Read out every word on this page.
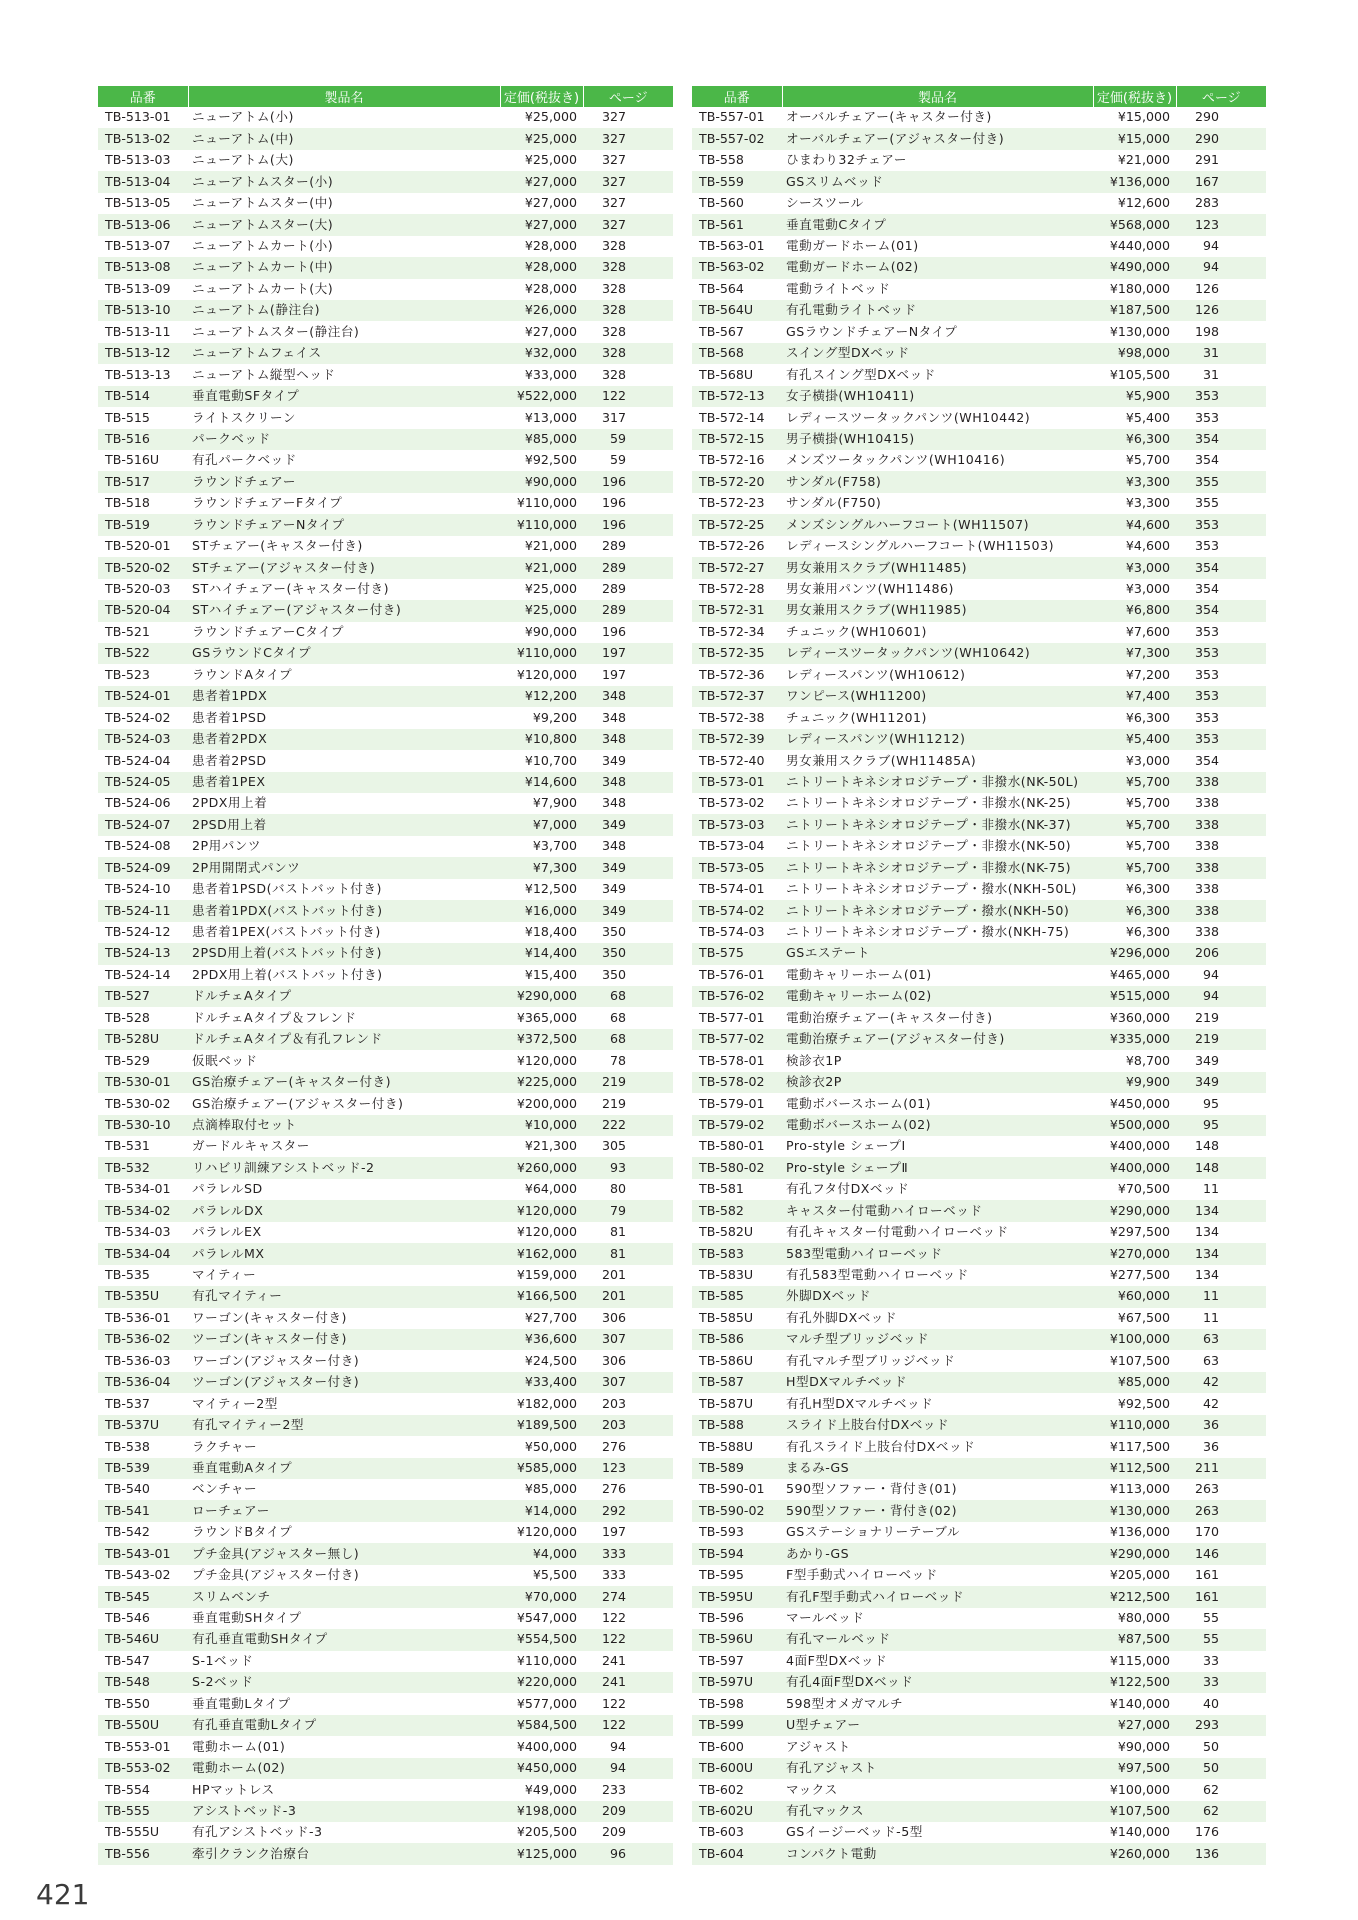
品番	製品名	定価(税抜き)	ページ
TB-513-01	ニューアトム(小)	¥25,000	327
TB-513-02	ニューアトム(中)	¥25,000	327
TB-513-03	ニューアトム(大)	¥25,000	327
TB-513-04	ニューアトムスター(小)	¥27,000	327
TB-513-05	ニューアトムスター(中)	¥27,000	327
TB-513-06	ニューアトムスター(大)	¥27,000	327
TB-513-07	ニューアトムカート(小)	¥28,000	328
TB-513-08	ニューアトムカート(中)	¥28,000	328
TB-513-09	ニューアトムカート(大)	¥28,000	328
TB-513-10	ニューアトム(静注台)	¥26,000	328
TB-513-11	ニューアトムスター(静注台)	¥27,000	328
TB-513-12	ニューアトムフェイス	¥32,000	328
TB-513-13	ニューアトム縦型ヘッド	¥33,000	328
TB-514	垂直電動SFタイプ	¥522,000	122
TB-515	ライトスクリーン	¥13,000	317
TB-516	パークベッド	¥85,000	59
TB-516U	有孔パークベッド	¥92,500	59
TB-517	ラウンドチェアー	¥90,000	196
TB-518	ラウンドチェアーFタイプ	¥110,000	196
TB-519	ラウンドチェアーNタイプ	¥110,000	196
TB-520-01	STチェアー(キャスター付き)	¥21,000	289
TB-520-02	STチェアー(アジャスター付き)	¥21,000	289
TB-520-03	STハイチェアー(キャスター付き)	¥25,000	289
TB-520-04	STハイチェアー(アジャスター付き)	¥25,000	289
TB-521	ラウンドチェアーCタイプ	¥90,000	196
TB-522	GSラウンドCタイプ	¥110,000	197
TB-523	ラウンドAタイプ	¥120,000	197
TB-524-01	患者着1PDX	¥12,200	348
TB-524-02	患者着1PSD	¥9,200	348
TB-524-03	患者着2PDX	¥10,800	348
TB-524-04	患者着2PSD	¥10,700	349
TB-524-05	患者着1PEX	¥14,600	348
TB-524-06	2PDX用上着	¥7,900	348
TB-524-07	2PSD用上着	¥7,000	349
TB-524-08	2P用パンツ	¥3,700	348
TB-524-09	2P用開閉式パンツ	¥7,300	349
TB-524-10	患者着1PSD(バストバット付き)	¥12,500	349
TB-524-11	患者着1PDX(バストバット付き)	¥16,000	349
TB-524-12	患者着1PEX(バストバット付き)	¥18,400	350
TB-524-13	2PSD用上着(バストバット付き)	¥14,400	350
TB-524-14	2PDX用上着(バストバット付き)	¥15,400	350
TB-527	ドルチェAタイプ	¥290,000	68
TB-528	ドルチェAタイプ＆フレンド	¥365,000	68
TB-528U	ドルチェAタイプ＆有孔フレンド	¥372,500	68
TB-529	仮眠ベッド	¥120,000	78
TB-530-01	GS治療チェアー(キャスター付き)	¥225,000	219
TB-530-02	GS治療チェアー(アジャスター付き)	¥200,000	219
TB-530-10	点滴棒取付セット	¥10,000	222
TB-531	ガードルキャスター	¥21,300	305
TB-532	リハビリ訓練アシストベッド-2	¥260,000	93
TB-534-01	パラレルSD	¥64,000	80
TB-534-02	パラレルDX	¥120,000	79
TB-534-03	パラレルEX	¥120,000	81
TB-534-04	パラレルMX	¥162,000	81
TB-535	マイティー	¥159,000	201
TB-535U	有孔マイティー	¥166,500	201
TB-536-01	ワーゴン(キャスター付き)	¥27,700	306
TB-536-02	ツーゴン(キャスター付き)	¥36,600	307
TB-536-03	ワーゴン(アジャスター付き)	¥24,500	306
TB-536-04	ツーゴン(アジャスター付き)	¥33,400	307
TB-537	マイティー2型	¥182,000	203
TB-537U	有孔マイティー2型	¥189,500	203
TB-538	ラクチャー	¥50,000	276
TB-539	垂直電動Aタイプ	¥585,000	123
TB-540	ベンチャー	¥85,000	276
TB-541	ローチェアー	¥14,000	292
TB-542	ラウンドBタイプ	¥120,000	197
TB-543-01	プチ金具(アジャスター無し)	¥4,000	333
TB-543-02	プチ金具(アジャスター付き)	¥5,500	333
TB-545	スリムベンチ	¥70,000	274
TB-546	垂直電動SHタイプ	¥547,000	122
TB-546U	有孔垂直電動SHタイプ	¥554,500	122
TB-547	S-1ベッド	¥110,000	241
TB-548	S-2ベッド	¥220,000	241
TB-550	垂直電動Lタイプ	¥577,000	122
TB-550U	有孔垂直電動Lタイプ	¥584,500	122
TB-553-01	電動ホーム(01)	¥400,000	94
TB-553-02	電動ホーム(02)	¥450,000	94
TB-554	HPマットレス	¥49,000	233
TB-555	アシストベッド-3	¥198,000	209
TB-555U	有孔アシストベッド-3	¥205,500	209
TB-556	牽引クランク治療台	¥125,000	96
品番	製品名	定価(税抜き)	ページ
TB-557-01	オーバルチェアー(キャスター付き)	¥15,000	290
TB-557-02	オーバルチェアー(アジャスター付き)	¥15,000	290
TB-558	ひまわり32チェアー	¥21,000	291
TB-559	GSスリムベッド	¥136,000	167
TB-560	シースツール	¥12,600	283
TB-561	垂直電動Cタイプ	¥568,000	123
TB-563-01	電動ガードホーム(01)	¥440,000	94
TB-563-02	電動ガードホーム(02)	¥490,000	94
TB-564	電動ライトベッド	¥180,000	126
TB-564U	有孔電動ライトベッド	¥187,500	126
TB-567	GSラウンドチェアーNタイプ	¥130,000	198
TB-568	スイング型DXベッド	¥98,000	31
TB-568U	有孔スイング型DXベッド	¥105,500	31
TB-572-13	女子横掛(WH10411)	¥5,900	353
TB-572-14	レディースツータックパンツ(WH10442)	¥5,400	353
TB-572-15	男子横掛(WH10415)	¥6,300	354
TB-572-16	メンズツータックパンツ(WH10416)	¥5,700	354
TB-572-20	サンダル(F758)	¥3,300	355
TB-572-23	サンダル(F750)	¥3,300	355
TB-572-25	メンズシングルハーフコート(WH11507)	¥4,600	353
TB-572-26	レディースシングルハーフコート(WH11503)	¥4,600	353
TB-572-27	男女兼用スクラブ(WH11485)	¥3,000	354
TB-572-28	男女兼用パンツ(WH11486)	¥3,000	354
TB-572-31	男女兼用スクラブ(WH11985)	¥6,800	354
TB-572-34	チュニック(WH10601)	¥7,600	353
TB-572-35	レディースツータックパンツ(WH10642)	¥7,300	353
TB-572-36	レディースパンツ(WH10612)	¥7,200	353
TB-572-37	ワンピース(WH11200)	¥7,400	353
TB-572-38	チュニック(WH11201)	¥6,300	353
TB-572-39	レディースパンツ(WH11212)	¥5,400	353
TB-572-40	男女兼用スクラブ(WH11485A)	¥3,000	354
TB-573-01	ニトリートキネシオロジテープ・非撥水(NK-50L)	¥5,700	338
TB-573-02	ニトリートキネシオロジテープ・非撥水(NK-25)	¥5,700	338
TB-573-03	ニトリートキネシオロジテープ・非撥水(NK-37)	¥5,700	338
TB-573-04	ニトリートキネシオロジテープ・非撥水(NK-50)	¥5,700	338
TB-573-05	ニトリートキネシオロジテープ・非撥水(NK-75)	¥5,700	338
TB-574-01	ニトリートキネシオロジテープ・撥水(NKH-50L)	¥6,300	338
TB-574-02	ニトリートキネシオロジテープ・撥水(NKH-50)	¥6,300	338
TB-574-03	ニトリートキネシオロジテープ・撥水(NKH-75)	¥6,300	338
TB-575	GSエステート	¥296,000	206
TB-576-01	電動キャリーホーム(01)	¥465,000	94
TB-576-02	電動キャリーホーム(02)	¥515,000	94
TB-577-01	電動治療チェアー(キャスター付き)	¥360,000	219
TB-577-02	電動治療チェアー(アジャスター付き)	¥335,000	219
TB-578-01	検診衣1P	¥8,700	349
TB-578-02	検診衣2P	¥9,900	349
TB-579-01	電動ボバースホーム(01)	¥450,000	95
TB-579-02	電動ボバースホーム(02)	¥500,000	95
TB-580-01	Pro-style シェープⅠ	¥400,000	148
TB-580-02	Pro-style シェープⅡ	¥400,000	148
TB-581	有孔フタ付DXベッド	¥70,500	11
TB-582	キャスター付電動ハイローベッド	¥290,000	134
TB-582U	有孔キャスター付電動ハイローベッド	¥297,500	134
TB-583	583型電動ハイローベッド	¥270,000	134
TB-583U	有孔583型電動ハイローベッド	¥277,500	134
TB-585	外脚DXベッド	¥60,000	11
TB-585U	有孔外脚DXベッド	¥67,500	11
TB-586	マルチ型ブリッジベッド	¥100,000	63
TB-586U	有孔マルチ型ブリッジベッド	¥107,500	63
TB-587	H型DXマルチベッド	¥85,000	42
TB-587U	有孔H型DXマルチベッド	¥92,500	42
TB-588	スライド上肢台付DXベッド	¥110,000	36
TB-588U	有孔スライド上肢台付DXベッド	¥117,500	36
TB-589	まるみ-GS	¥112,500	211
TB-590-01	590型ソファー・背付き(01)	¥113,000	263
TB-590-02	590型ソファー・背付き(02)	¥130,000	263
TB-593	GSステーショナリーテーブル	¥136,000	170
TB-594	あかり-GS	¥290,000	146
TB-595	F型手動式ハイローベッド	¥205,000	161
TB-595U	有孔F型手動式ハイローベッド	¥212,500	161
TB-596	マールベッド	¥80,000	55
TB-596U	有孔マールベッド	¥87,500	55
TB-597	4面F型DXベッド	¥115,000	33
TB-597U	有孔4面F型DXベッド	¥122,500	33
TB-598	598型オメガマルチ	¥140,000	40
TB-599	U型チェアー	¥27,000	293
TB-600	アジャスト	¥90,000	50
TB-600U	有孔アジャスト	¥97,500	50
TB-602	マックス	¥100,000	62
TB-602U	有孔マックス	¥107,500	62
TB-603	GSイージーベッド-5型	¥140,000	176
TB-604	コンパクト電動	¥260,000	136
421
